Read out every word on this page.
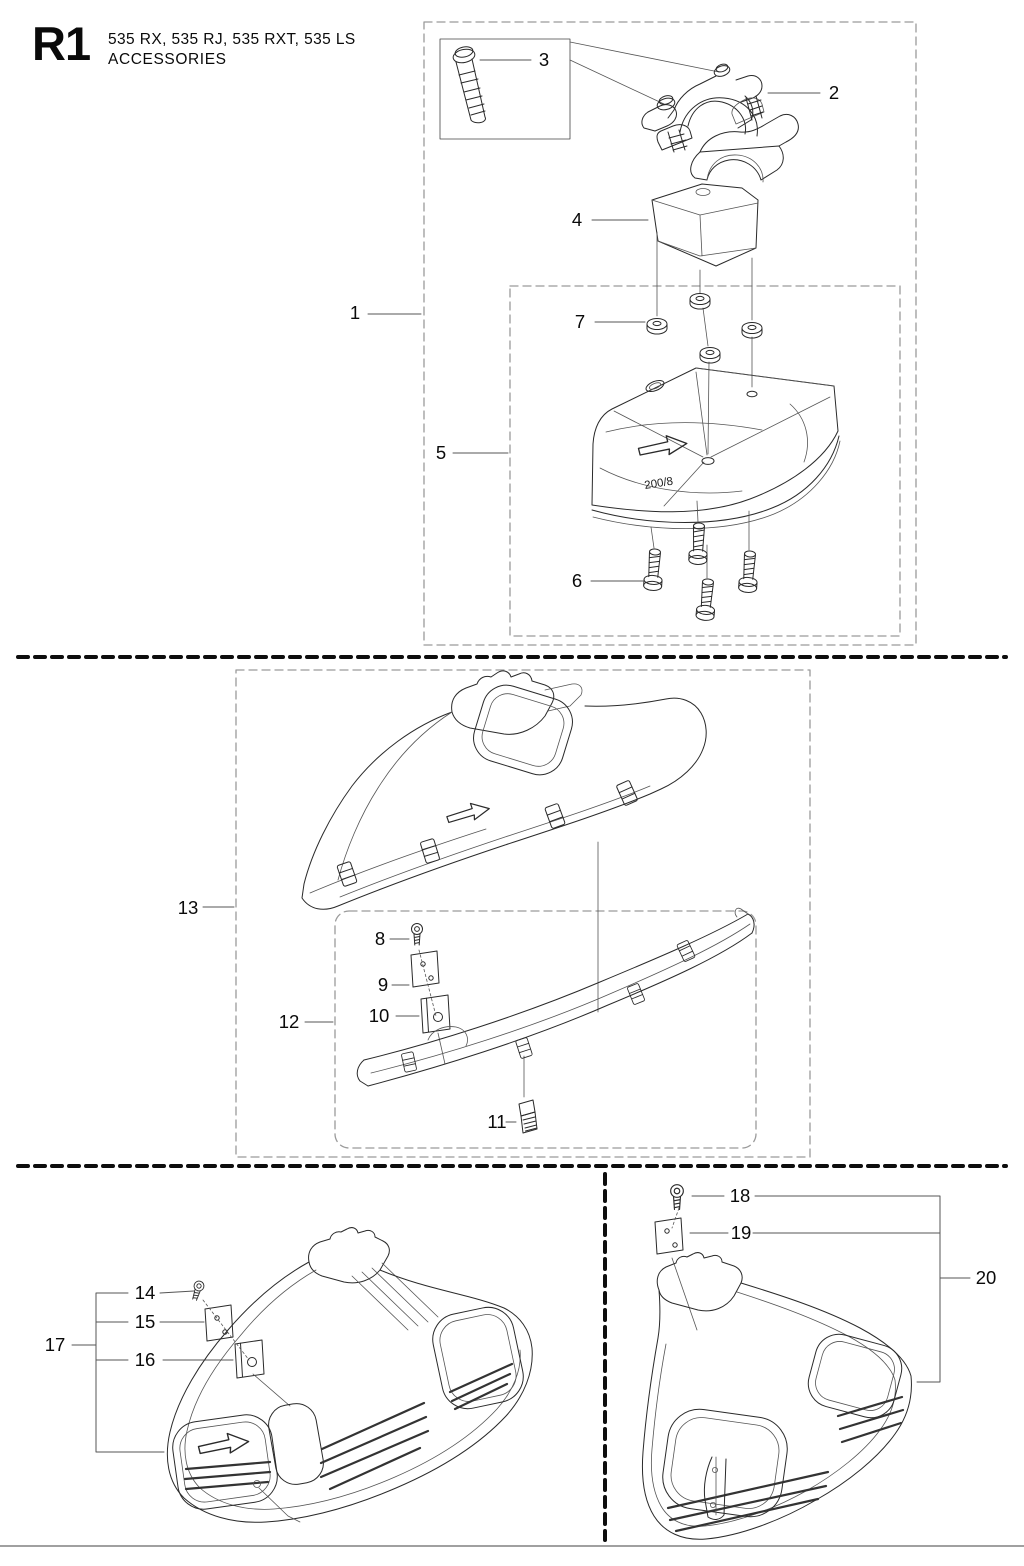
R1 535 RX, 535 RJ, 535 RXT, 535 LS
ACCESSORIES
200/8
1
2
3
4
5
6
7
8
9
10
11
12
13
14
15
16
17
18
19
20
